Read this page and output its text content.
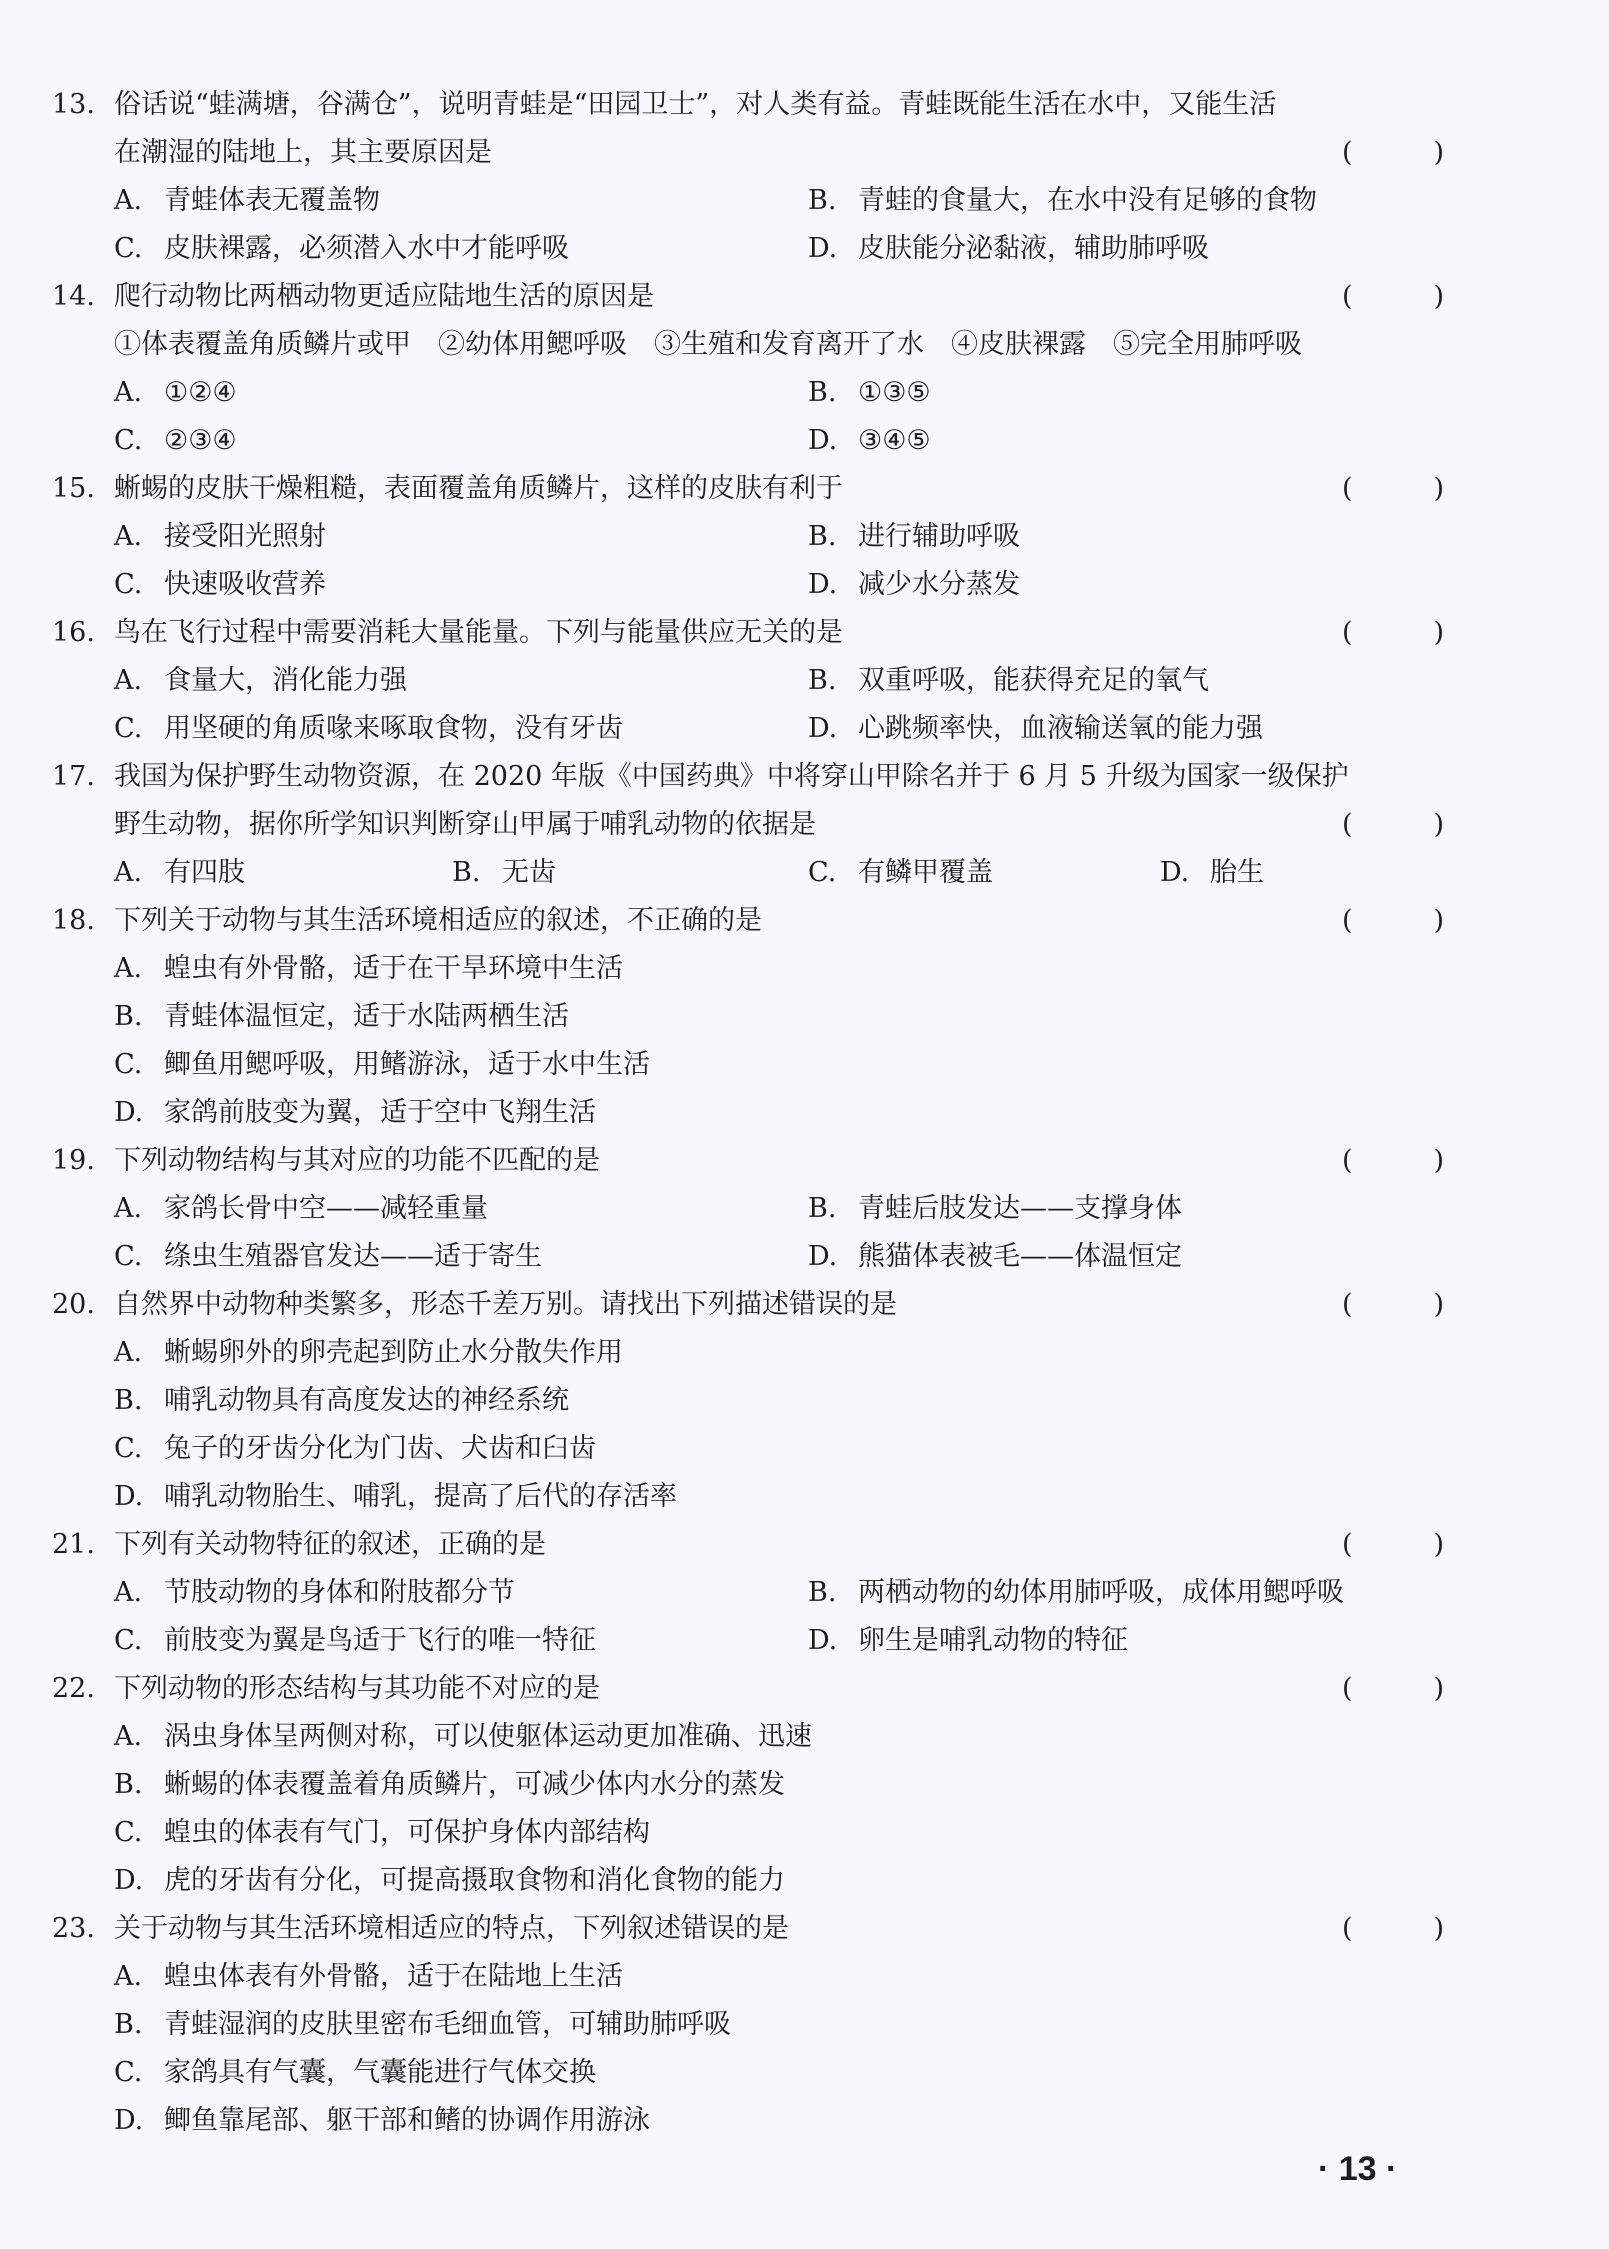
13. 俗话说“蛙满塘，谷满仓”，说明青蛙是“田园卫士”，对人类有益。青蛙既能生活在水中，又能生活
在潮湿的陆地上，其主要原因是	(　　　)
A. 青蛙体表无覆盖物	B. 青蛙的食量大，在水中没有足够的食物
C. 皮肤裸露，必须潜入水中才能呼吸	D. 皮肤能分泌黏液，辅助肺呼吸
14. 爬行动物比两栖动物更适应陆地生活的原因是	(　　　)
①体表覆盖角质鳞片或甲　②幼体用鳃呼吸　③生殖和发育离开了水　④皮肤裸露　⑤完全用肺呼吸
A. ①②④	B. ①③⑤
C. ②③④	D. ③④⑤
15. 蜥蜴的皮肤干燥粗糙，表面覆盖角质鳞片，这样的皮肤有利于	(　　　)
A. 接受阳光照射	B. 进行辅助呼吸
C. 快速吸收营养	D. 减少水分蒸发
16. 鸟在飞行过程中需要消耗大量能量。下列与能量供应无关的是	(　　　)
A. 食量大，消化能力强	B. 双重呼吸，能获得充足的氧气
C. 用坚硬的角质喙来啄取食物，没有牙齿	D. 心跳频率快，血液输送氧的能力强
17. 我国为保护野生动物资源，在 2020 年版《中国药典》中将穿山甲除名并于 6 月 5 升级为国家一级保护
野生动物，据你所学知识判断穿山甲属于哺乳动物的依据是	(　　　)
A. 有四肢	B. 无齿	C. 有鳞甲覆盖	D. 胎生
18. 下列关于动物与其生活环境相适应的叙述，不正确的是	(　　　)
A. 蝗虫有外骨骼，适于在干旱环境中生活
B. 青蛙体温恒定，适于水陆两栖生活
C. 鲫鱼用鳃呼吸，用鳍游泳，适于水中生活
D. 家鸽前肢变为翼，适于空中飞翔生活
19. 下列动物结构与其对应的功能不匹配的是	(　　　)
A. 家鸽长骨中空——减轻重量	B. 青蛙后肢发达——支撑身体
C. 绦虫生殖器官发达——适于寄生	D. 熊猫体表被毛——体温恒定
20. 自然界中动物种类繁多，形态千差万别。请找出下列描述错误的是	(　　　)
A. 蜥蜴卵外的卵壳起到防止水分散失作用
B. 哺乳动物具有高度发达的神经系统
C. 兔子的牙齿分化为门齿、犬齿和臼齿
D. 哺乳动物胎生、哺乳，提高了后代的存活率
21. 下列有关动物特征的叙述，正确的是	(　　　)
A. 节肢动物的身体和附肢都分节	B. 两栖动物的幼体用肺呼吸，成体用鳃呼吸
C. 前肢变为翼是鸟适于飞行的唯一特征	D. 卵生是哺乳动物的特征
22. 下列动物的形态结构与其功能不对应的是	(　　　)
A. 涡虫身体呈两侧对称，可以使躯体运动更加准确、迅速
B. 蜥蜴的体表覆盖着角质鳞片，可减少体内水分的蒸发
C. 蝗虫的体表有气门，可保护身体内部结构
D. 虎的牙齿有分化，可提高摄取食物和消化食物的能力
23. 关于动物与其生活环境相适应的特点，下列叙述错误的是	(　　　)
A. 蝗虫体表有外骨骼，适于在陆地上生活
B. 青蛙湿润的皮肤里密布毛细血管，可辅助肺呼吸
C. 家鸽具有气囊，气囊能进行气体交换
D. 鲫鱼靠尾部、躯干部和鳍的协调作用游泳
· 13 ·
